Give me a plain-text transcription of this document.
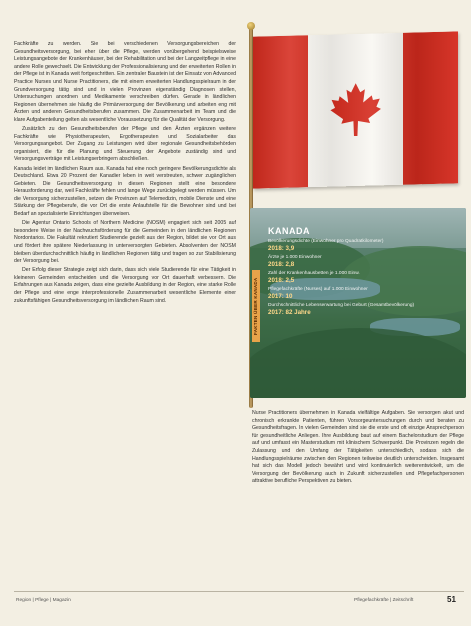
Fachkräfte zu werden. Sie bei verschiedenen Versorgungsbereichen der Gesundheitsversorgung, bei eher über die Pflege, werden vorübergehend beispielsweise Leistungsangebote der Krankenhäuser, bei der Rehabilitation und bei der Langzeitpflege in eine andere Rolle gewechselt. Die Entwicklung der Professionalisierung und der erweiterten Rollen in der Pflege ist in Kanada weit fortgeschritten. Ein zentraler Baustein ist der Einsatz von Advanced Practice Nurses und Nurse Practitioners, die mit einem erweiterten Handlungsspielraum in der Grundversorgung tätig sind und in vielen Provinzen eigenständig Diagnosen stellen, Untersuchungen anordnen und Medikamente verschreiben dürfen. Gerade in ländlichen Regionen übernehmen sie häufig die Primärversorgung der Bevölkerung und arbeiten eng mit Ärzten und anderen Gesundheitsberufen zusammen. Die Zusammenarbeit im Team und die klare Aufgabenteilung gelten als wesentliche Voraussetzung für die Qualität der Versorgung.

Zusätzlich zu den Gesundheitsberufen der Pflege und den Ärzten ergänzen weitere Fachkräfte wie Physiotherapeuten, Ergotherapeuten und Sozialarbeiter das Versorgungsangebot. Der Zugang zu Leistungen wird über regionale Gesundheitsbehörden organisiert, die für die Planung und Steuerung der Angebote zuständig sind und Versorgungsverträge mit Leistungserbringern abschließen.

Kanada leidet im ländlichen Raum aus. Kanada hat eine noch geringere Bevölkerungsdichte als Deutschland. Etwa 20 Prozent der Kanadier leben in weit verstreuten, schwer zugänglichen Gebieten. Die Gesundheitsversorgung in diesen Regionen stellt eine besondere Herausforderung dar, weil Fachkräfte fehlen und lange Wege zurückgelegt werden müssen. Um die Versorgung sicherzustellen, setzen die Provinzen auf Telemedizin, mobile Dienste und eine Stärkung der Pflegeberufe, die vor Ort die erste Anlaufstelle für die Bewohner sind und bei Bedarf an spezialisierte Einrichtungen überweisen.

Die Agentur Ontario Schools of Northern Medicine (NOSM) engagiert sich seit 2005 auf besondere Weise in der Nachwuchsförderung für die Gemeinden in den ländlichen Regionen Nordontarios. Die Fakultät rekrutiert Studierende gezielt aus der Region, bildet sie vor Ort aus und fördert ihre spätere Niederlassung in unterversorgten Gebieten. Absolventen der NOSM bleiben überdurchschnittlich häufig in ländlichen Regionen tätig und tragen so zur Stabilisierung der Versorgung bei.

Der Erfolg dieser Strategie zeigt sich darin, dass sich viele Studierende für eine Tätigkeit in kleineren Gemeinden entscheiden und die Versorgung vor Ort dauerhaft verbessern. Die Erfahrungen aus Kanada zeigen, dass eine gezielte Ausbildung in der Region, eine starke Rolle der Pflege und eine enge interprofessionelle Zusammenarbeit wesentliche Elemente einer zukunftsfähigen Gesundheitsversorgung im ländlichen Raum sind.	FAKTEN ÜBER KANADA
KANADA
Bevölkerungsdichte (Einwohner pro Quadratkilometer)
2018: 3,9
Ärzte je 1.000 Einwohner
2018: 2,8
Zahl der Krankenhausbetten je 1.000 Einw.
2018: 2,5
Pflegefachkräfte (Nurses) auf 1.000 Einwohner
2017: 10
Durchschnittliche Lebenserwartung bei Geburt (Gesamtbevölkerung)
2017: 82 Jahre

Nurse Practitioners übernehmen in Kanada vielfältige Aufgaben. Sie versorgen akut und chronisch erkrankte Patienten, führen Vorsorgeuntersuchungen durch und beraten zu Gesundheitsfragen. In vielen Gemeinden sind sie die erste und oft einzige Ansprechperson für gesundheitliche Anliegen. Ihre Ausbildung baut auf einem Bachelorstudium der Pflege auf und umfasst ein Masterstudium mit klinischem Schwerpunkt. Die Provinzen regeln die Zulassung und den Umfang der Tätigkeiten unterschiedlich, sodass sich die Handlungsspielräume zwischen den Regionen teilweise deutlich unterscheiden. Insgesamt hat sich das Modell jedoch bewährt und wird kontinuierlich weiterentwickelt, um die Versorgung der Bevölkerung auch in Zukunft sicherzustellen und Pflegefachpersonen attraktive berufliche Perspektiven zu bieten.

Region | Pflege | Magazin	Pflegefachkräfte | Zeitschrift	51
